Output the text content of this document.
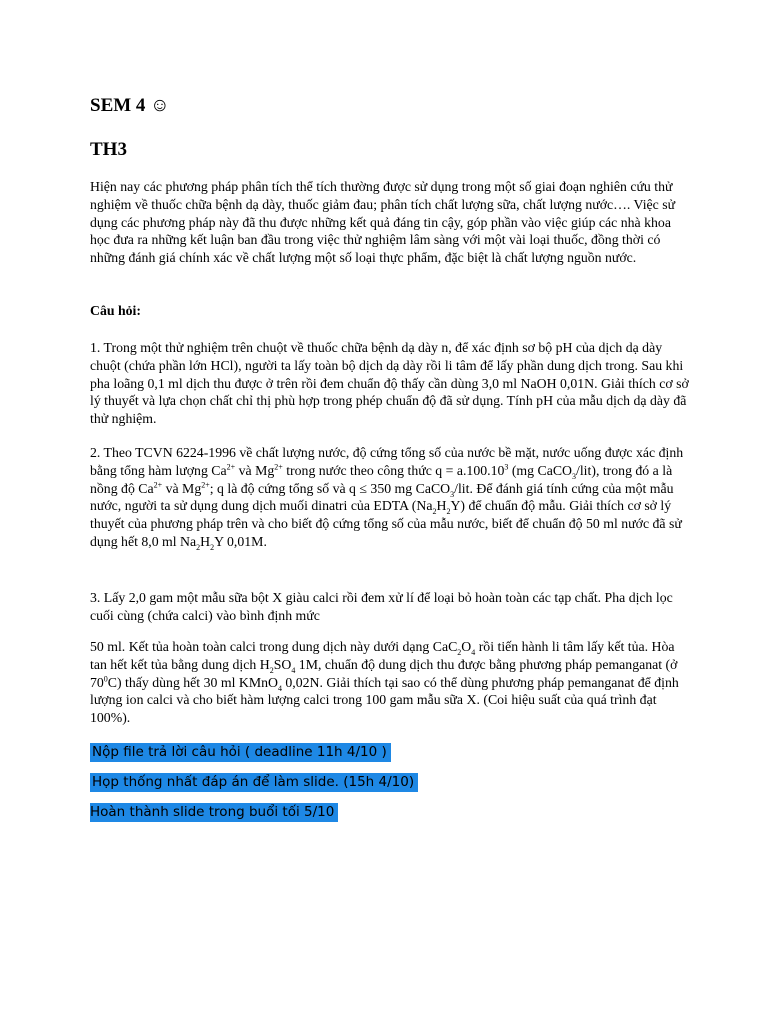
SEM 4 ☺
TH3

Hiện nay các phương pháp phân tích thể tích thường được sử dụng trong một số giai đoạn nghiên cứu thử nghiệm về thuốc chữa bệnh dạ dày, thuốc giảm đau; phân tích chất lượng sữa, chất lượng nước…. Việc sử dụng các phương pháp này đã thu được những kết quả đáng tin cậy, góp phần vào việc giúp các nhà khoa học đưa ra những kết luận ban đầu trong việc thử nghiệm lâm sàng với một vài loại thuốc, đồng thời có những đánh giá chính xác về chất lượng một số loại thực phẩm, đặc biệt là chất lượng nguồn nước.

Câu hỏi:

1. Trong một thử nghiệm trên chuột về thuốc chữa bệnh dạ dày n, để xác định sơ bộ pH của dịch dạ dày chuột (chứa phần lớn HCl), người ta lấy toàn bộ dịch dạ dày rồi li tâm để lấy phần dung dịch trong. Sau khi pha loãng 0,1 ml dịch thu được ở trên rồi đem chuẩn độ thấy cần dùng 3,0 ml NaOH 0,01N. Giải thích cơ sở lý thuyết và lựa chọn chất chỉ thị phù hợp trong phép chuẩn độ đã sử dụng. Tính pH của mẫu dịch dạ dày đã thử nghiệm.

2. Theo TCVN 6224-1996 về chất lượng nước, độ cứng tổng số của nước bề mặt, nước uống được xác định bằng tổng hàm lượng $Ca^{2+}$ và $Mg^{2+}$ trong nước theo công thức $q = a.100.10^3$ (mg CaCO$_3$/lit), trong đó a là nồng độ $Ca^{2+}$ và $Mg^{2+}$; q là độ cứng tổng số và q ≤ 350 mg CaCO$_3$/lit. Để đánh giá tính cứng của một mẫu nước, người ta sử dụng dung dịch muối dinatri của EDTA $(Na_2H_2Y)$ để chuẩn độ mẫu. Giải thích cơ sở lý thuyết của phương pháp trên và cho biết độ cứng tổng số của mẫu nước, biết để chuẩn độ 50 ml nước đã sử dụng hết 8,0 ml $Na_2H_2Y$ 0,01M.

3. Lấy 2,0 gam một mẫu sữa bột X giàu calci rồi đem xử lí để loại bỏ hoàn toàn các tạp chất. Pha dịch lọc cuối cùng (chứa calci) vào bình định mức

50 ml. Kết tủa hoàn toàn calci trong dung dịch này dưới dạng $CaC_2O_4$ rồi tiến hành li tâm lấy kết tủa. Hòa tan hết kết tủa bằng dung dịch $H_2SO_4$ 1M, chuẩn độ dung dịch thu được bằng phương pháp pemanganat (ở $70^0C$) thấy dùng hết 30 ml KMnO$_4$ 0,02N. Giải thích tại sao có thể dùng phương pháp pemanganat để định lượng ion calci và cho biết hàm lượng calci trong 100 gam mẫu sữa X. (Coi hiệu suất của quá trình đạt 100%).

Nộp file trả lời câu hỏi ( deadline 11h 4/10 )
Họp thống nhất đáp án để làm slide. (15h 4/10)
Hoàn thành slide trong buổi tối 5/10
